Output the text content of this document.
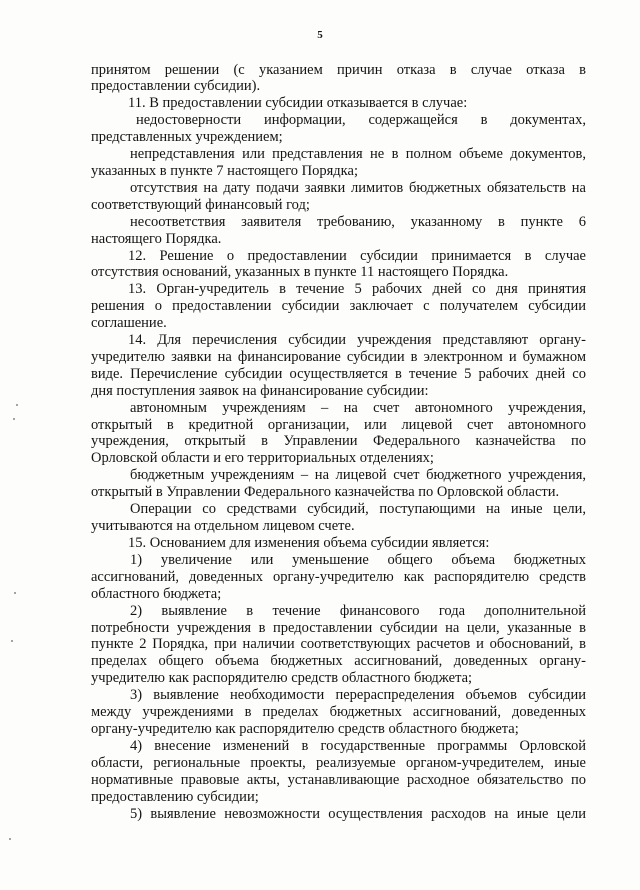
5
принятом решении (с указанием причин отказа в случае отказа в
предоставлении субсидии).
11. В предоставлении субсидии отказывается в случае:
недостоверности информации, содержащейся в документах,
представленных учреждением;
непредставления или представления не в полном объеме документов,
указанных в пункте 7 настоящего Порядка;
отсутствия на дату подачи заявки лимитов бюджетных обязательств на
соответствующий финансовый год;
несоответствия заявителя требованию, указанному в пункте 6
настоящего Порядка.
12. Решение о предоставлении субсидии принимается в случае
отсутствия оснований, указанных в пункте 11 настоящего Порядка.
13. Орган-учредитель в течение 5 рабочих дней со дня принятия
решения о предоставлении субсидии заключает с получателем субсидии
соглашение.
14. Для перечисления субсидии учреждения представляют органу-
учредителю заявки на финансирование субсидии в электронном и бумажном
виде. Перечисление субсидии осуществляется в течение 5 рабочих дней со
дня поступления заявок на финансирование субсидии:
автономным учреждениям – на счет автономного учреждения,
открытый в кредитной организации, или лицевой счет автономного
учреждения, открытый в Управлении Федерального казначейства по
Орловской области и его территориальных отделениях;
бюджетным учреждениям – на лицевой счет бюджетного учреждения,
открытый в Управлении Федерального казначейства по Орловской области.
Операции со средствами субсидий, поступающими на иные цели,
учитываются на отдельном лицевом счете.
15. Основанием для изменения объема субсидии является:
1) увеличение или уменьшение общего объема бюджетных
ассигнований, доведенных органу-учредителю как распорядителю средств
областного бюджета;
2) выявление в течение финансового года дополнительной
потребности учреждения в предоставлении субсидии на цели, указанные в
пункте 2 Порядка, при наличии соответствующих расчетов и обоснований, в
пределах общего объема бюджетных ассигнований, доведенных органу-
учредителю как распорядителю средств областного бюджета;
3) выявление необходимости перераспределения объемов субсидии
между учреждениями в пределах бюджетных ассигнований, доведенных
органу-учредителю как распорядителю средств областного бюджета;
4) внесение изменений в государственные программы Орловской
области, региональные проекты, реализуемые органом-учредителем, иные
нормативные правовые акты, устанавливающие расходное обязательство по
предоставлению субсидии;
5) выявление невозможности осуществления расходов на иные цели
